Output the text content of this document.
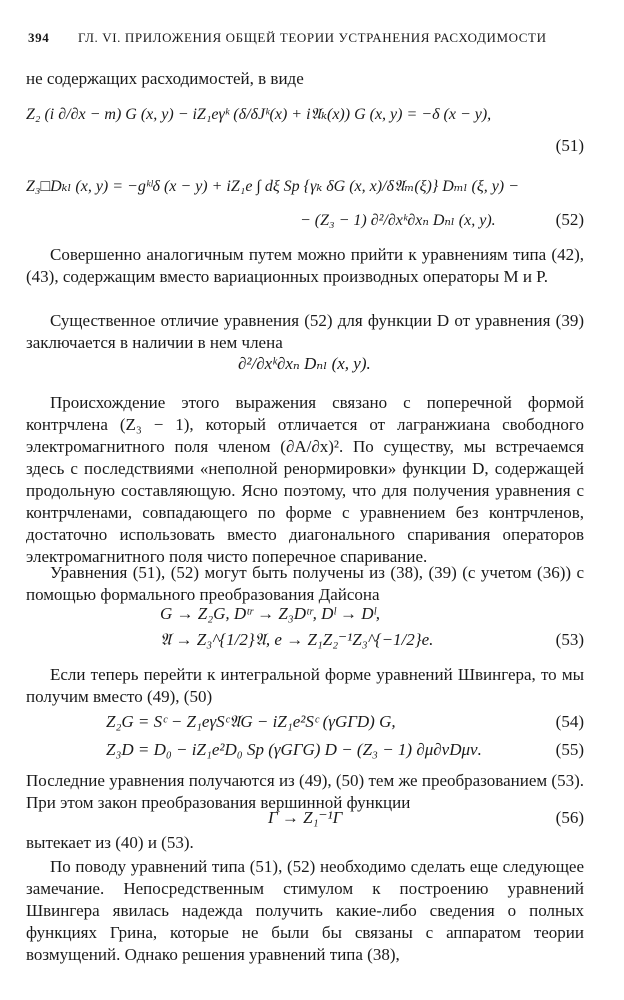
394 ГЛ. VI. ПРИЛОЖЕНИЯ ОБЩЕЙ ТЕОРИИ УСТРАНЕНИЯ РАСХОДИМОСТИ
не содержащих расходимостей, в виде
Z₂ (i ∂/∂x − m) G (x, y) − iZ₁eγᵏ (δ/δJᵏ(x) + i𝔄ₖ(x)) G (x, y) = −δ (x − y),
(51)
Z₃□Dₖₗ (x, y) = −gᵏˡδ (x − y) + iZ₁e ∫ dξ Sp {γₖ δG (x, x)/δ𝔄ₘ(ξ)} Dₘₗ (ξ, y) −
− (Z₃ − 1) ∂²/∂xᵏ∂xₙ Dₙₗ (x, y).	(52)
Совершенно аналогичным путем можно прийти к уравнениям типа (42), (43), содержащим вместо вариационных производных операторы M и P.
Существенное отличие уравнения (52) для функции D от уравнения (39) заключается в наличии в нем члена
∂²/∂xᵏ∂xₙ Dₙₗ (x, y).
Происхождение этого выражения связано с поперечной формой контрчлена (Z₃ − 1), который отличается от лагранжиана свободного электромагнитного поля членом (∂A/∂x)². По существу, мы встречаемся здесь с последствиями «неполной ренормировки» функции D, содержащей продольную составляющую. Ясно поэтому, что для получения уравнения с контрчленами, совпадающего по форме с уравнением без контрчленов, достаточно использовать вместо диагонального спаривания операторов электромагнитного поля чисто поперечное спаривание.
Уравнения (51), (52) могут быть получены из (38), (39) (с учетом (36)) с помощью формального преобразования Дайсона
G → Z₂G, Dᵗʳ → Z₃Dᵗʳ, Dˡ → Dˡ,
𝔄 → Z₃^{1/2}𝔄, e → Z₁Z₂⁻¹Z₃^{−1/2}e.	(53)
Если теперь перейти к интегральной форме уравнений Швингера, то мы получим вместо (49), (50)
Z₂G = Sᶜ − Z₁eγSᶜ𝔄G − iZ₁e²Sᶜ (γGΓD) G,	(54)
Z₃D = D₀ − iZ₁e²D₀ Sp (γGΓG) D − (Z₃ − 1) ∂μ∂νDμν.	(55)
Последние уравнения получаются из (49), (50) тем же преобразованием (53). При этом закон преобразования вершинной функции
Γ → Z₁⁻¹Γ	(56)
вытекает из (40) и (53).
По поводу уравнений типа (51), (52) необходимо сделать еще следующее замечание. Непосредственным стимулом к построению уравнений Швингера явилась надежда получить какие-либо сведения о полных функциях Грина, которые не были бы связаны с аппаратом теории возмущений. Однако решения уравнений типа (38),
